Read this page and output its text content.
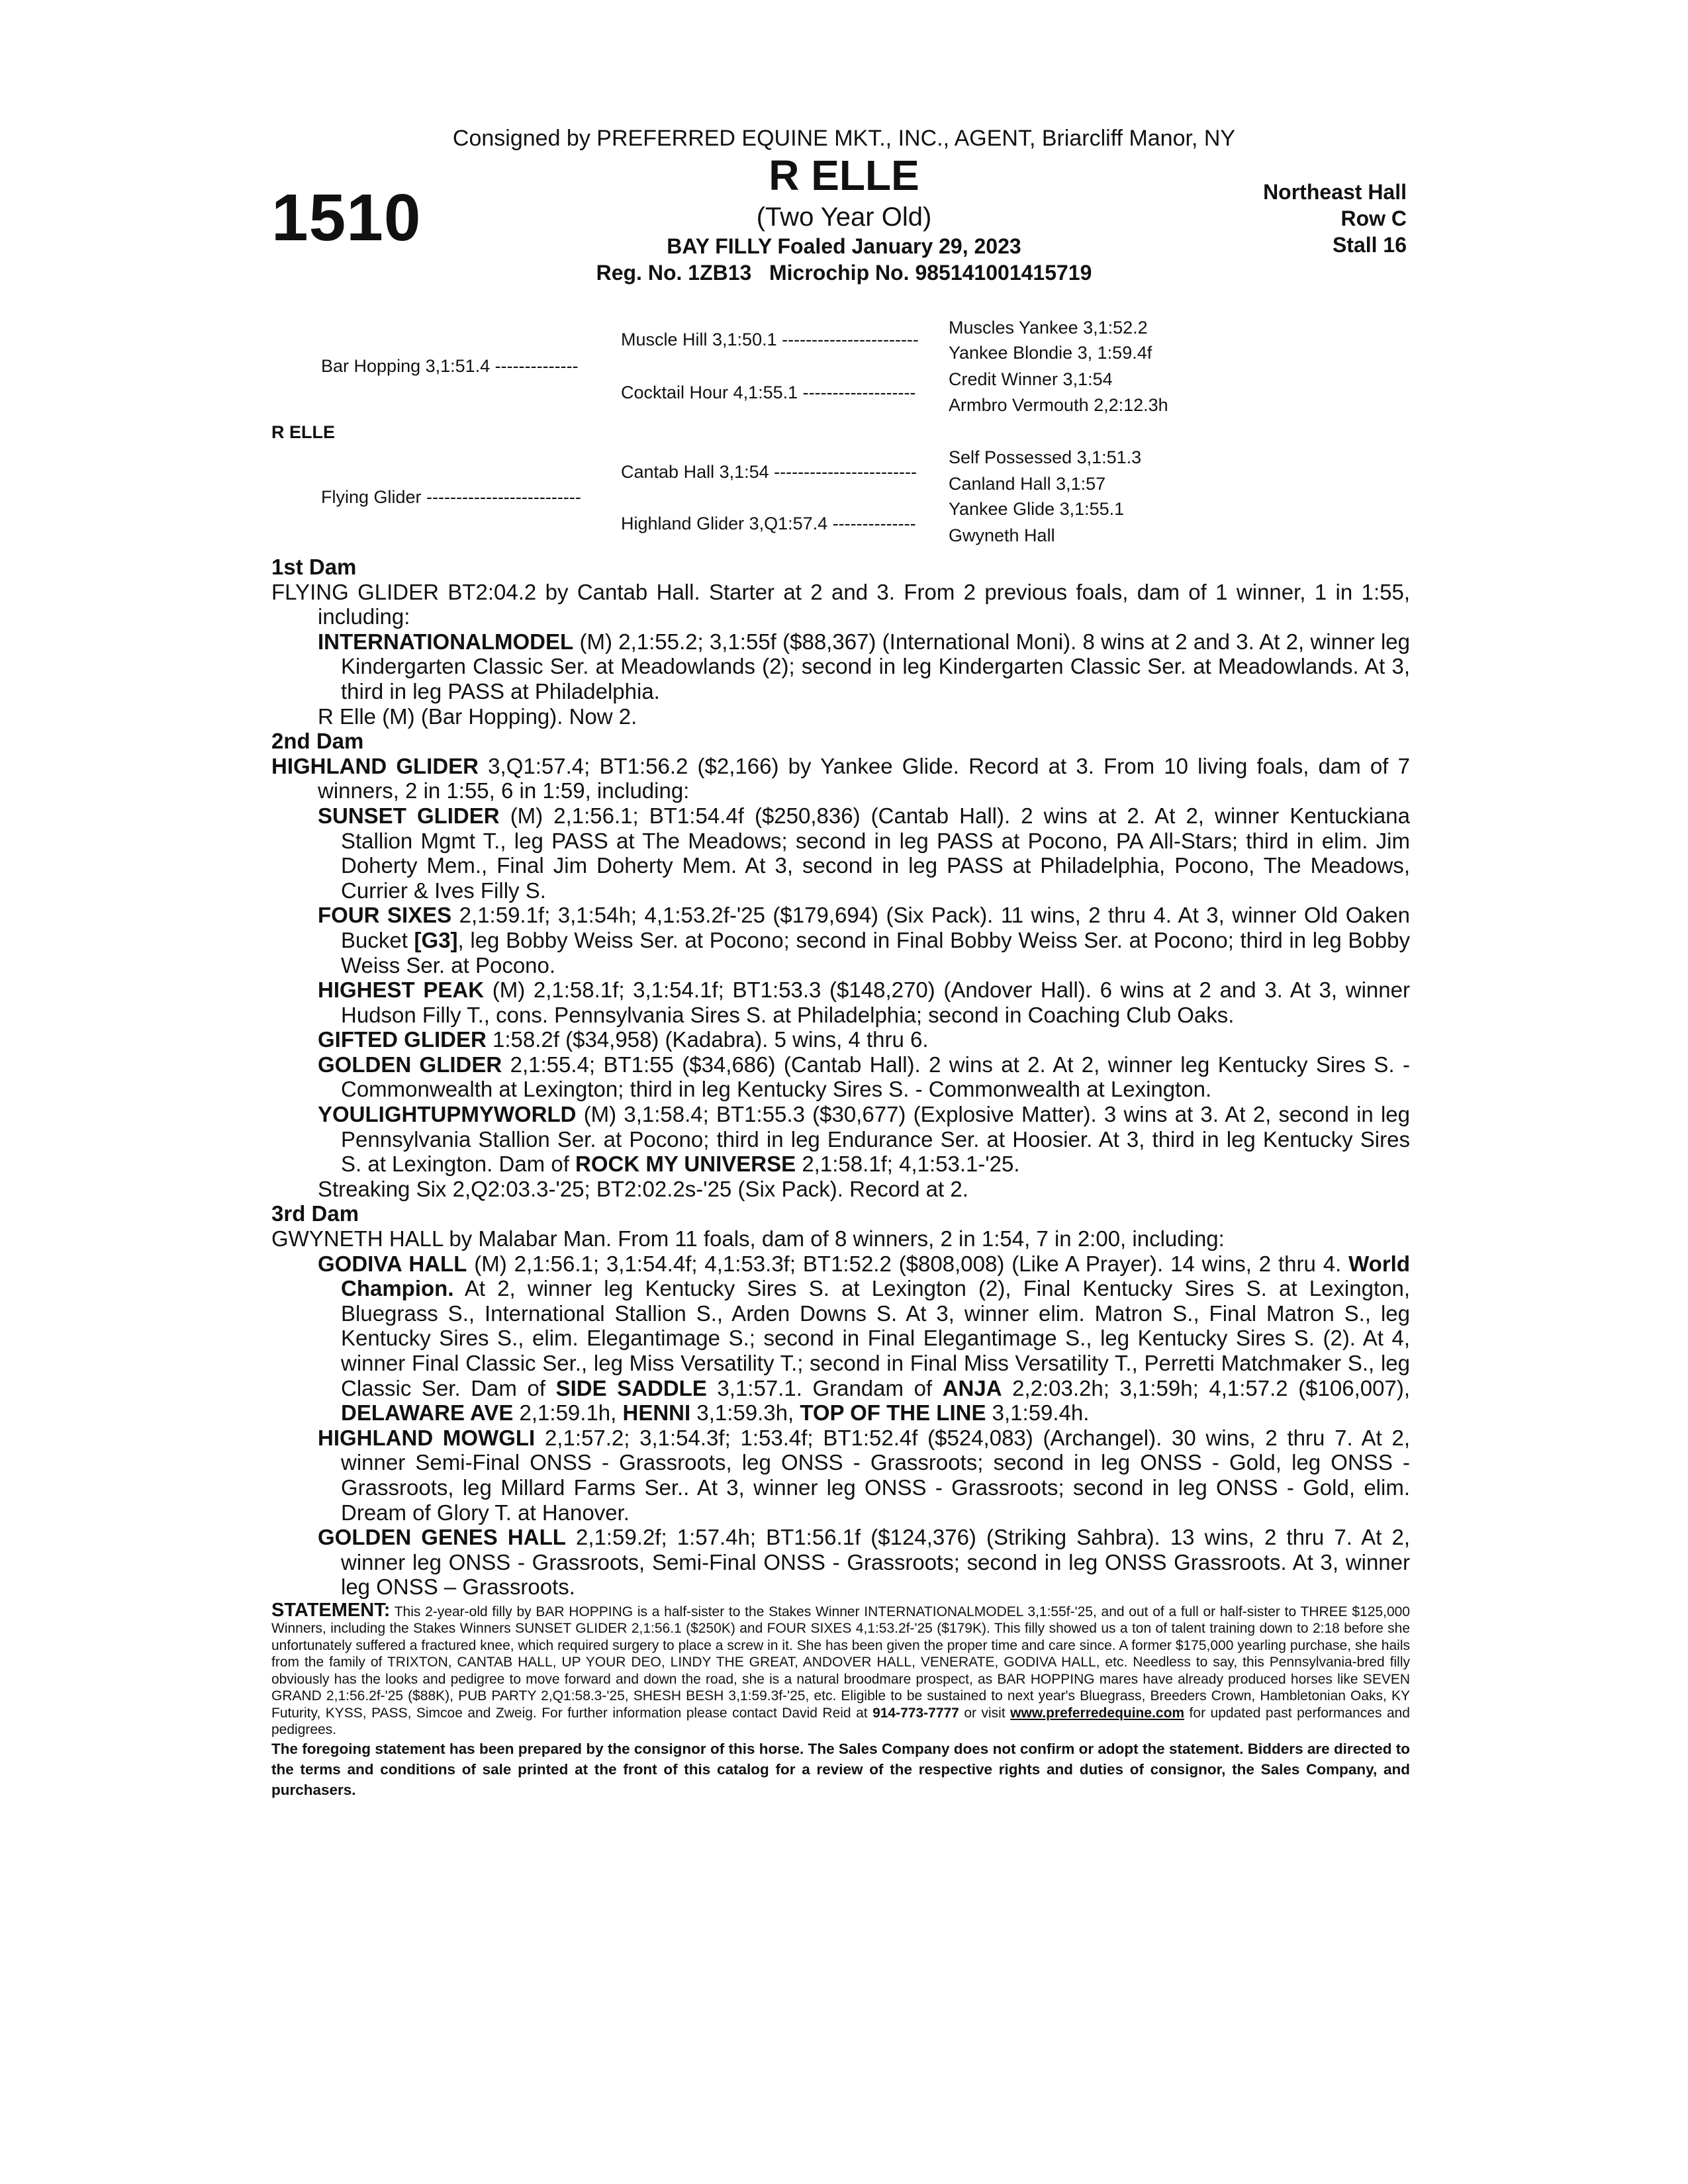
Consigned by PREFERRED EQUINE MKT., INC., AGENT, Briarcliff Manor, NY
1510
R ELLE
(Two Year Old)
BAY FILLY Foaled January 29, 2023
Reg. No. 1ZB13   Microchip No. 985141001415719
Northeast Hall
Row C
Stall 16
Bar Hopping 3,1:51.4 --------------
Flying Glider --------------------------
R ELLE
Muscle Hill 3,1:50.1 -----------------------
Cocktail Hour 4,1:55.1 -------------------
Cantab Hall 3,1:54 ------------------------
Highland Glider 3,Q1:57.4 --------------
Muscles Yankee 3,1:52.2
Yankee Blondie 3, 1:59.4f
Credit Winner 3,1:54
Armbro Vermouth 2,2:12.3h
Self Possessed 3,1:51.3
Canland Hall 3,1:57
Yankee Glide 3,1:55.1
Gwyneth Hall
1st Dam

FLYING GLIDER BT2:04.2 by Cantab Hall. Starter at 2 and 3. From 2 previous foals, dam of 1 winner, 1 in 1:55, including:

INTERNATIONALMODEL (M) 2,1:55.2; 3,1:55f ($88,367) (International Moni). 8 wins at 2 and 3. At 2, winner leg Kindergarten Classic Ser. at Meadowlands (2); second in leg Kindergarten Classic Ser. at Meadowlands. At 3, third in leg PASS at Philadelphia.

R Elle (M) (Bar Hopping). Now 2.

2nd Dam

HIGHLAND GLIDER 3,Q1:57.4; BT1:56.2 ($2,166) by Yankee Glide. Record at 3. From 10 living foals, dam of 7 winners, 2 in 1:55, 6 in 1:59, including:

SUNSET GLIDER (M) 2,1:56.1; BT1:54.4f ($250,836) (Cantab Hall). 2 wins at 2. At 2, winner Kentuckiana Stallion Mgmt T., leg PASS at The Meadows; second in leg PASS at Pocono, PA All-Stars; third in elim. Jim Doherty Mem., Final Jim Doherty Mem. At 3, second in leg PASS at Philadelphia, Pocono, The Meadows, Currier & Ives Filly S.

FOUR SIXES 2,1:59.1f; 3,1:54h; 4,1:53.2f-'25 ($179,694) (Six Pack). 11 wins, 2 thru 4. At 3, winner Old Oaken Bucket [G3], leg Bobby Weiss Ser. at Pocono; second in Final Bobby Weiss Ser. at Pocono; third in leg Bobby Weiss Ser. at Pocono.

HIGHEST PEAK (M) 2,1:58.1f; 3,1:54.1f; BT1:53.3 ($148,270) (Andover Hall). 6 wins at 2 and 3. At 3, winner Hudson Filly T., cons. Pennsylvania Sires S. at Philadelphia; second in Coaching Club Oaks.

GIFTED GLIDER 1:58.2f ($34,958) (Kadabra). 5 wins, 4 thru 6.

GOLDEN GLIDER 2,1:55.4; BT1:55 ($34,686) (Cantab Hall). 2 wins at 2. At 2, winner leg Kentucky Sires S. - Commonwealth at Lexington; third in leg Kentucky Sires S. - Commonwealth at Lexington.

YOULIGHTUPMYWORLD (M) 3,1:58.4; BT1:55.3 ($30,677) (Explosive Matter). 3 wins at 3. At 2, second in leg Pennsylvania Stallion Ser. at Pocono; third in leg Endurance Ser. at Hoosier. At 3, third in leg Kentucky Sires S. at Lexington. Dam of ROCK MY UNIVERSE 2,1:58.1f; 4,1:53.1-'25.

Streaking Six 2,Q2:03.3-'25; BT2:02.2s-'25 (Six Pack). Record at 2.

3rd Dam

GWYNETH HALL by Malabar Man. From 11 foals, dam of 8 winners, 2 in 1:54, 7 in 2:00, including:

GODIVA HALL (M) 2,1:56.1; 3,1:54.4f; 4,1:53.3f; BT1:52.2 ($808,008) (Like A Prayer). 14 wins, 2 thru 4. World Champion. At 2, winner leg Kentucky Sires S. at Lexington (2), Final Kentucky Sires S. at Lexington, Bluegrass S., International Stallion S., Arden Downs S. At 3, winner elim. Matron S., Final Matron S., leg Kentucky Sires S., elim. Elegantimage S.; second in Final Elegantimage S., leg Kentucky Sires S. (2). At 4, winner Final Classic Ser., leg Miss Versatility T.; second in Final Miss Versatility T., Perretti Matchmaker S., leg Classic Ser. Dam of SIDE SADDLE 3,1:57.1. Grandam of ANJA 2,2:03.2h; 3,1:59h; 4,1:57.2 ($106,007), DELAWARE AVE 2,1:59.1h, HENNI 3,1:59.3h, TOP OF THE LINE 3,1:59.4h.

HIGHLAND MOWGLI 2,1:57.2; 3,1:54.3f; 1:53.4f; BT1:52.4f ($524,083) (Archangel). 30 wins, 2 thru 7. At 2, winner Semi-Final ONSS - Grassroots, leg ONSS - Grassroots; second in leg ONSS - Gold, leg ONSS - Grassroots, leg Millard Farms Ser.. At 3, winner leg ONSS - Grassroots; second in leg ONSS - Gold, elim. Dream of Glory T. at Hanover.

GOLDEN GENES HALL 2,1:59.2f; 1:57.4h; BT1:56.1f ($124,376) (Striking Sahbra). 13 wins, 2 thru 7. At 2, winner leg ONSS - Grassroots, Semi-Final ONSS - Grassroots; second in leg ONSS Grassroots. At 3, winner leg ONSS – Grassroots.

STATEMENT: This 2-year-old filly by BAR HOPPING is a half-sister to the Stakes Winner INTERNATIONALMODEL 3,1:55f-'25, and out of a full or half-sister to THREE $125,000 Winners, including the Stakes Winners SUNSET GLIDER 2,1:56.1 ($250K) and FOUR SIXES 4,1:53.2f-'25 ($179K). This filly showed us a ton of talent training down to 2:18 before she unfortunately suffered a fractured knee, which required surgery to place a screw in it. She has been given the proper time and care since. A former $175,000 yearling purchase, she hails from the family of TRIXTON, CANTAB HALL, UP YOUR DEO, LINDY THE GREAT, ANDOVER HALL, VENERATE, GODIVA HALL, etc. Needless to say, this Pennsylvania-bred filly obviously has the looks and pedigree to move forward and down the road, she is a natural broodmare prospect, as BAR HOPPING mares have already produced horses like SEVEN GRAND 2,1:56.2f-'25 ($88K), PUB PARTY 2,Q1:58.3-'25, SHESH BESH 3,1:59.3f-'25, etc. Eligible to be sustained to next year's Bluegrass, Breeders Crown, Hambletonian Oaks, KY Futurity, KYSS, PASS, Simcoe and Zweig. For further information please contact David Reid at 914-773-7777 or visit www.preferredequine.com for updated past performances and pedigrees.
The foregoing statement has been prepared by the consignor of this horse. The Sales Company does not confirm or adopt the statement. Bidders are directed to the terms and conditions of sale printed at the front of this catalog for a review of the respective rights and duties of consignor, the Sales Company, and purchasers.
